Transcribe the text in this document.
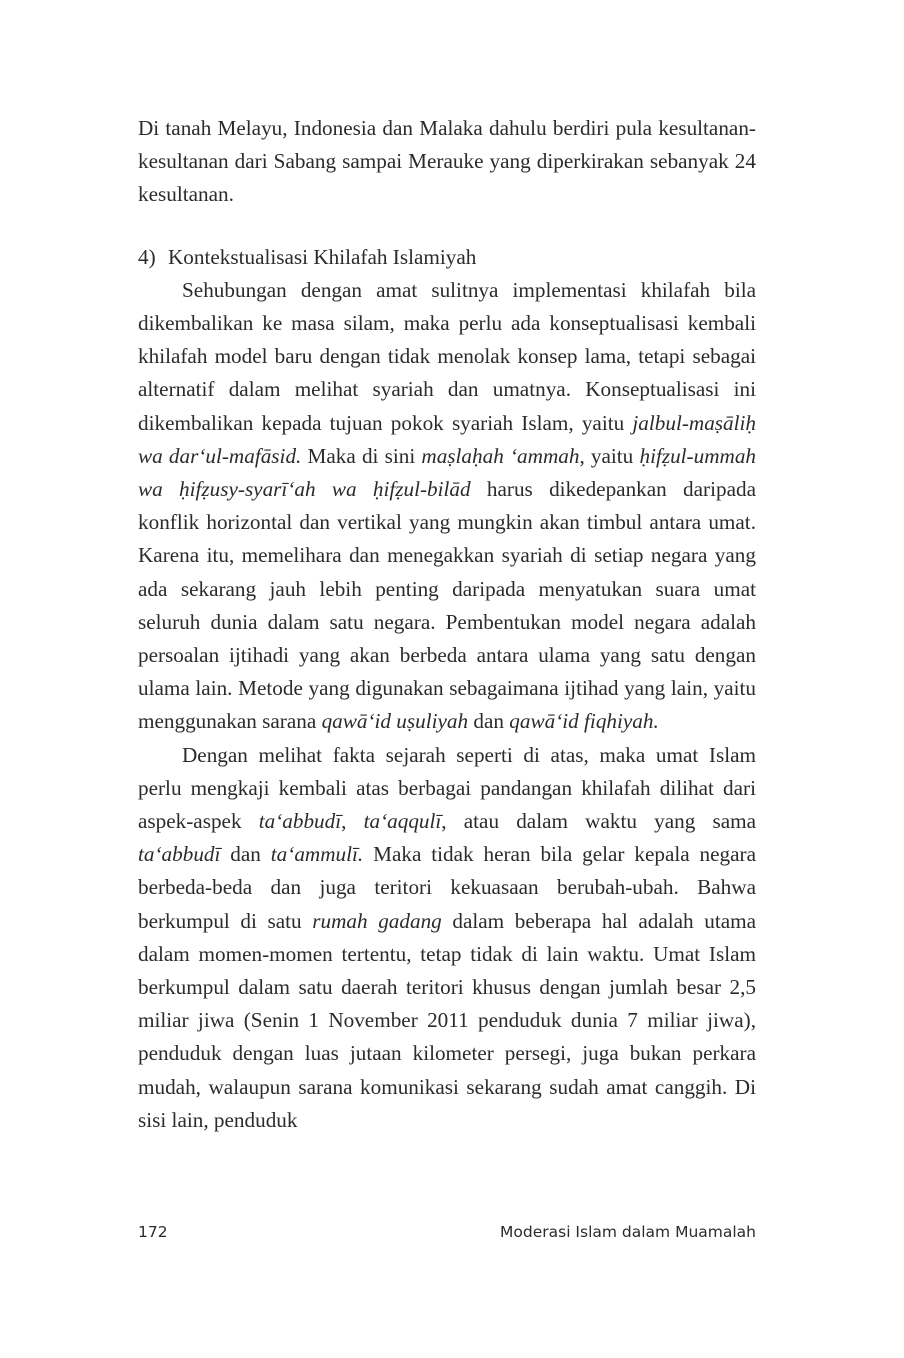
Di tanah Melayu, Indonesia dan Malaka dahulu berdiri pula kesultanan-kesultanan dari Sabang sampai Merauke yang diperkirakan sebanyak 24 kesultanan.

4) Kontekstualisasi Khilafah Islamiyah

Sehubungan dengan amat sulitnya implementasi khilafah bila dikembalikan ke masa silam, maka perlu ada konseptualisasi kembali khilafah model baru dengan tidak menolak konsep lama, tetapi sebagai alternatif dalam melihat syariah dan umatnya. Konseptualisasi ini dikembalikan kepada tujuan pokok syariah Islam, yaitu jalbul-maṣāliḥ wa dar‘ul-mafāsid. Maka di sini maṣlaḥah ‘ammah, yaitu ḥifẓul-ummah wa ḥifẓusy-syarī‘ah wa ḥifẓul-bilād harus dikedepankan daripada konflik horizontal dan vertikal yang mungkin akan timbul antara umat. Karena itu, memelihara dan menegakkan syariah di setiap negara yang ada sekarang jauh lebih penting daripada menyatukan suara umat seluruh dunia dalam satu negara. Pembentukan model negara adalah persoalan ijtihadi yang akan berbeda antara ulama yang satu dengan ulama lain. Metode yang digunakan sebagaimana ijtihad yang lain, yaitu menggunakan sarana qawā‘id uṣuliyah dan qawā‘id fiqhiyah.

Dengan melihat fakta sejarah seperti di atas, maka umat Islam perlu mengkaji kembali atas berbagai pandangan khilafah dilihat dari aspek-aspek ta‘abbudī, ta‘aqqulī, atau dalam waktu yang sama ta‘abbudī dan ta‘ammulī. Maka tidak heran bila gelar kepala negara berbeda-beda dan juga teritori kekuasaan berubah-ubah. Bahwa berkumpul di satu rumah gadang dalam beberapa hal adalah utama dalam momen-momen tertentu, tetap tidak di lain waktu. Umat Islam berkumpul dalam satu daerah teritori khusus dengan jumlah besar 2,5 miliar jiwa (Senin 1 November 2011 penduduk dunia 7 miliar jiwa), penduduk dengan luas jutaan kilometer persegi, juga bukan perkara mudah, walaupun sarana komunikasi sekarang sudah amat canggih. Di sisi lain, penduduk

172	Moderasi Islam dalam Muamalah
